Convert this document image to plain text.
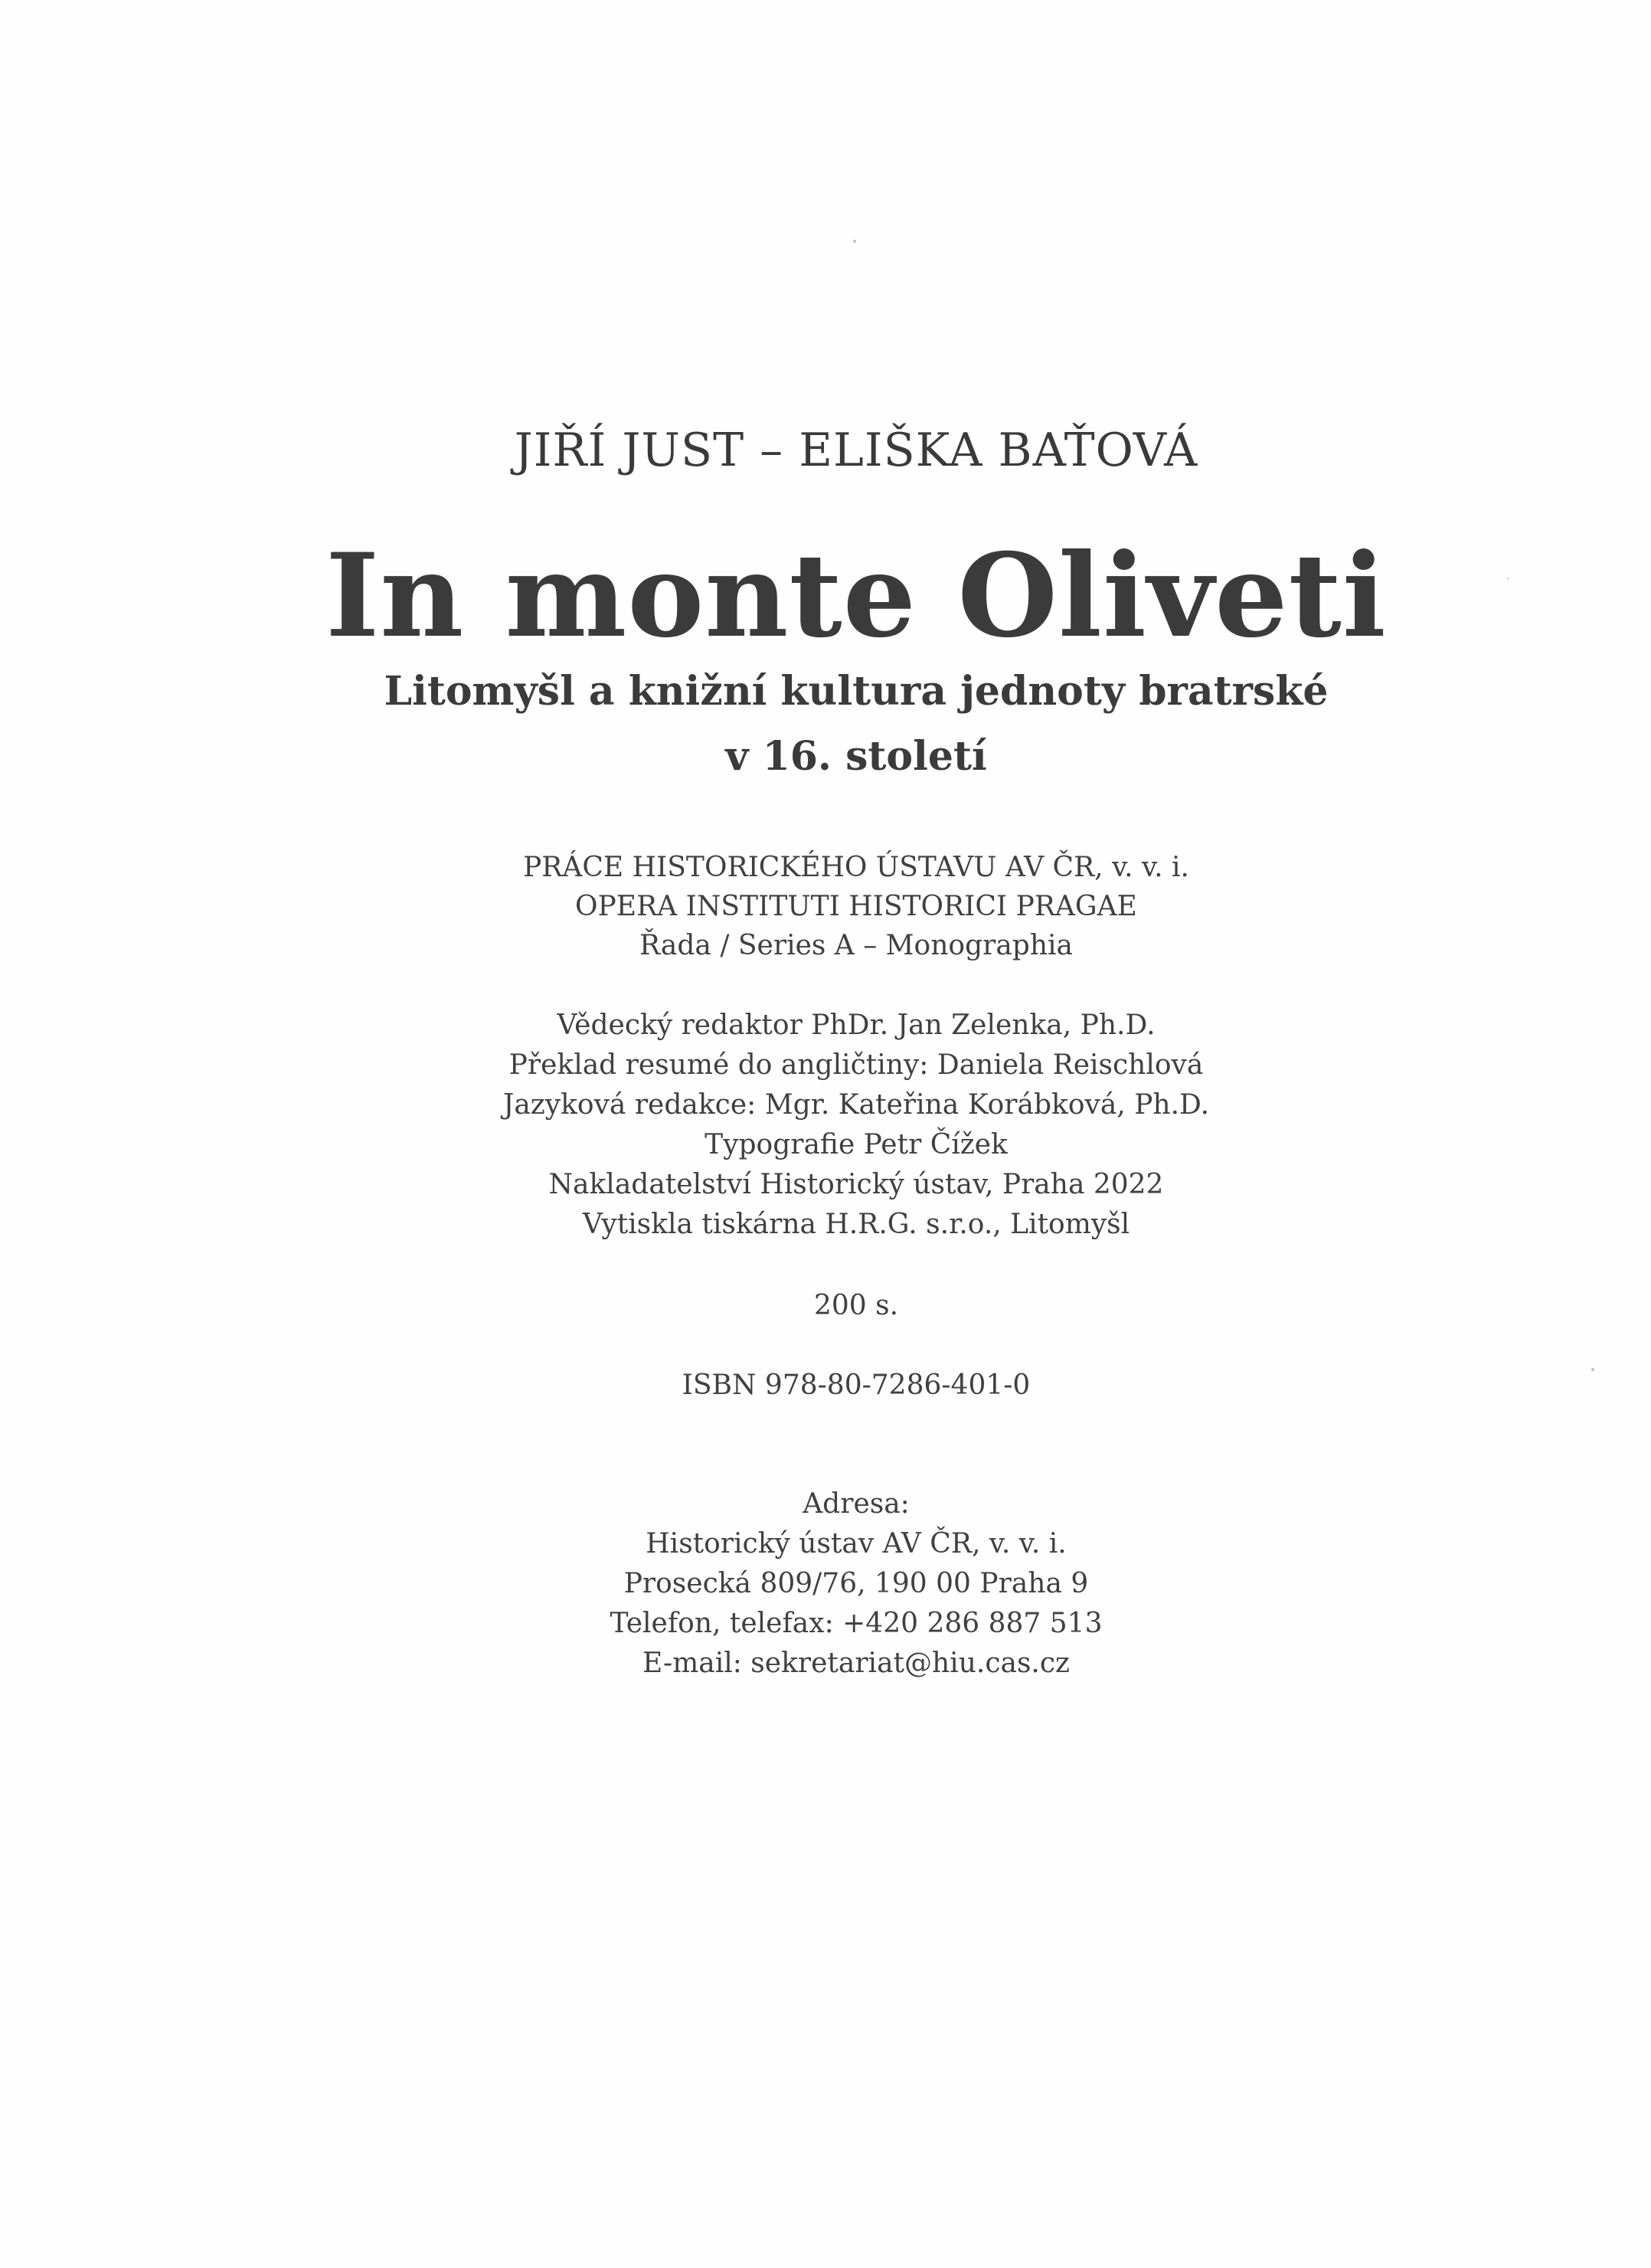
JIŘÍ JUST – ELIŠKA BAŤOVÁ
In monte Oliveti
Litomyšl a knižní kultura jednoty bratrské
v 16. století
PRÁCE HISTORICKÉHO ÚSTAVU AV ČR, v. v. i.
OPERA INSTITUTI HISTORICI PRAGAE
Řada / Series A – Monographia
Vědecký redaktor PhDr. Jan Zelenka, Ph.D.
Překlad resumé do angličtiny: Daniela Reischlová
Jazyková redakce: Mgr. Kateřina Korábková, Ph.D.
Typografie Petr Čížek
Nakladatelství Historický ústav, Praha 2022
Vytiskla tiskárna H.R.G. s.r.o., Litomyšl
200 s.
ISBN 978-80-7286-401-0
Adresa:
Historický ústav AV ČR, v. v. i.
Prosecká 809/76, 190 00 Praha 9
Telefon, telefax: +420 286 887 513
E-mail: sekretariat@hiu.cas.cz
